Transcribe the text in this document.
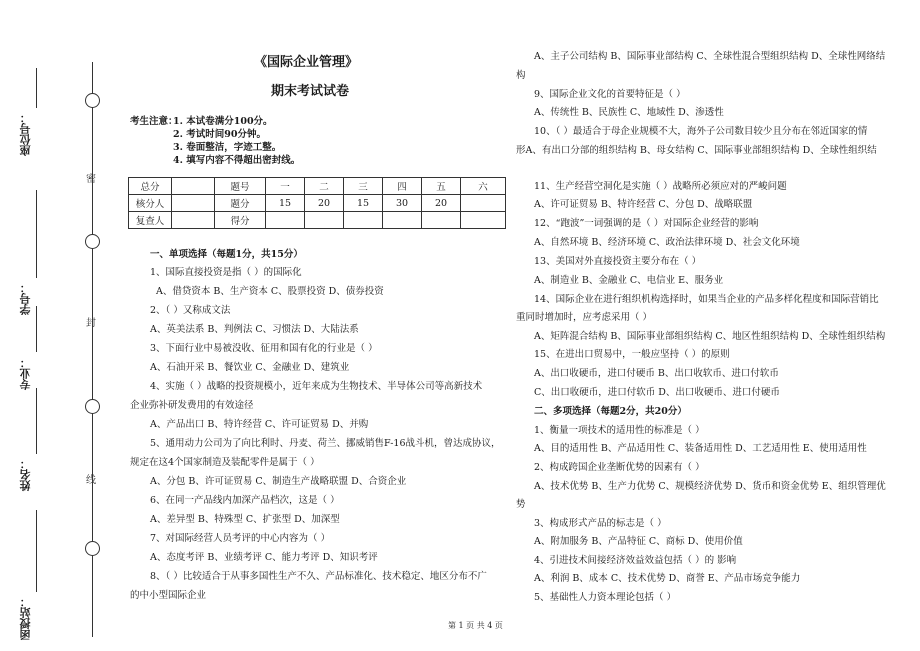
座位号：
学号：
专业：
姓名：
函授站：
密
封
线
《国际企业管理》
期末考试试卷
考生注意：
1. 本试卷满分100分。
2. 考试时间90分钟。
3. 卷面整洁，字迹工整。
4. 填写内容不得超出密封线。
总分		题号	一	二	三	四	五	六
核分人		题分	15	20	15	30	20	
复查人		得分						
一、单项选择（每题1分，共15分）
1、国际直接投资是指（ ）的国际化
A、借贷资本 B、生产资本 C、股票投资 D、债券投资
2、（ ）又称成文法
A、英美法系 B、判例法 C、习惯法 D、大陆法系
3、下面行业中易被没收、征用和国有化的行业是（ ）
A、石油开采 B、餐饮业 C、金融业 D、建筑业
4、实施（ ）战略的投资规模小，近年来成为生物技术、半导体公司等高新技术
企业弥补研发费用的有效途径
A、产品出口 B、特许经营 C、许可证贸易 D、并购
5、通用动力公司为了向比利时、丹麦、荷兰、挪威销售F-16战斗机，曾达成协议，
规定在这4个国家制造及装配零件是属于（ ）
A、分包 B、许可证贸易 C、制造生产战略联盟 D、合资企业
6、在同一产品线内加深产品档次，这是（ ）
A、差异型 B、特殊型 C、扩张型 D、加深型
7、对国际经营人员考评的中心内容为（ ）
A、态度考评 B、业绩考评 C、能力考评 D、知识考评
8、（ ）比较适合于从事多国性生产不久、产品标准化、技术稳定、地区分布不广
的中小型国际企业
A、主子公司结构 B、国际事业部结构 C、全球性混合型组织结构 D、全球性网络结
构
9、国际企业文化的首要特征是（ ）
A、传统性 B、民族性 C、地域性 D、渗透性
10、（ ）最适合于母企业规模不大，海外子公司数目较少且分布在邻近国家的情
形A、有出口分部的组织结构 B、母女结构 C、国际事业部组织结构 D、全球性组织结
11、生产经营空洞化是实施（ ）战略所必须应对的严峻问题
A、许可证贸易 B、特许经营 C、分包 D、战略联盟
12、“跑波”一词强调的是（ ）对国际企业经营的影响
A、自然环境 B、经济环境 C、政治法律环境 D、社会文化环境
13、美国对外直接投资主要分布在（ ）
A、制造业 B、金融业 C、电信业 E、服务业
14、国际企业在进行组织机构选择时，如果当企业的产品多样化程度和国际营销比
重同时增加时，应考虑采用（ ）
A、矩阵混合结构 B、国际事业部组织结构 C、地区性组织结构 D、全球性组织结构
15、在进出口贸易中，一般应坚持（ ）的原则
A、出口收硬币，进口付硬币 B、出口收软币、进口付软币
C、出口收硬币，进口付软币 D、出口收硬币、进口付硬币
二、多项选择（每题2分，共20分）
1、衡量一项技术的适用性的标准是（ ）
A、目的适用性 B、产品适用性 C、装备适用性 D、工艺适用性 E、使用适用性
2、构成跨国企业垄断优势的因素有（ ）
A、技术优势 B、生产力优势 C、规模经济优势 D、货币和资金优势 E、组织管理优
势
3、构成形式产品的标志是（ ）
A、附加服务 B、产品特征 C、商标 D、使用价值
4、引进技术间接经济效益效益包括（ ）的 影响
A、利润 B、成本 C、技术优势 D、商誉 E、产品市场竞争能力
5、基础性人力资本理论包括（ ）
第 1 页 共 4 页
